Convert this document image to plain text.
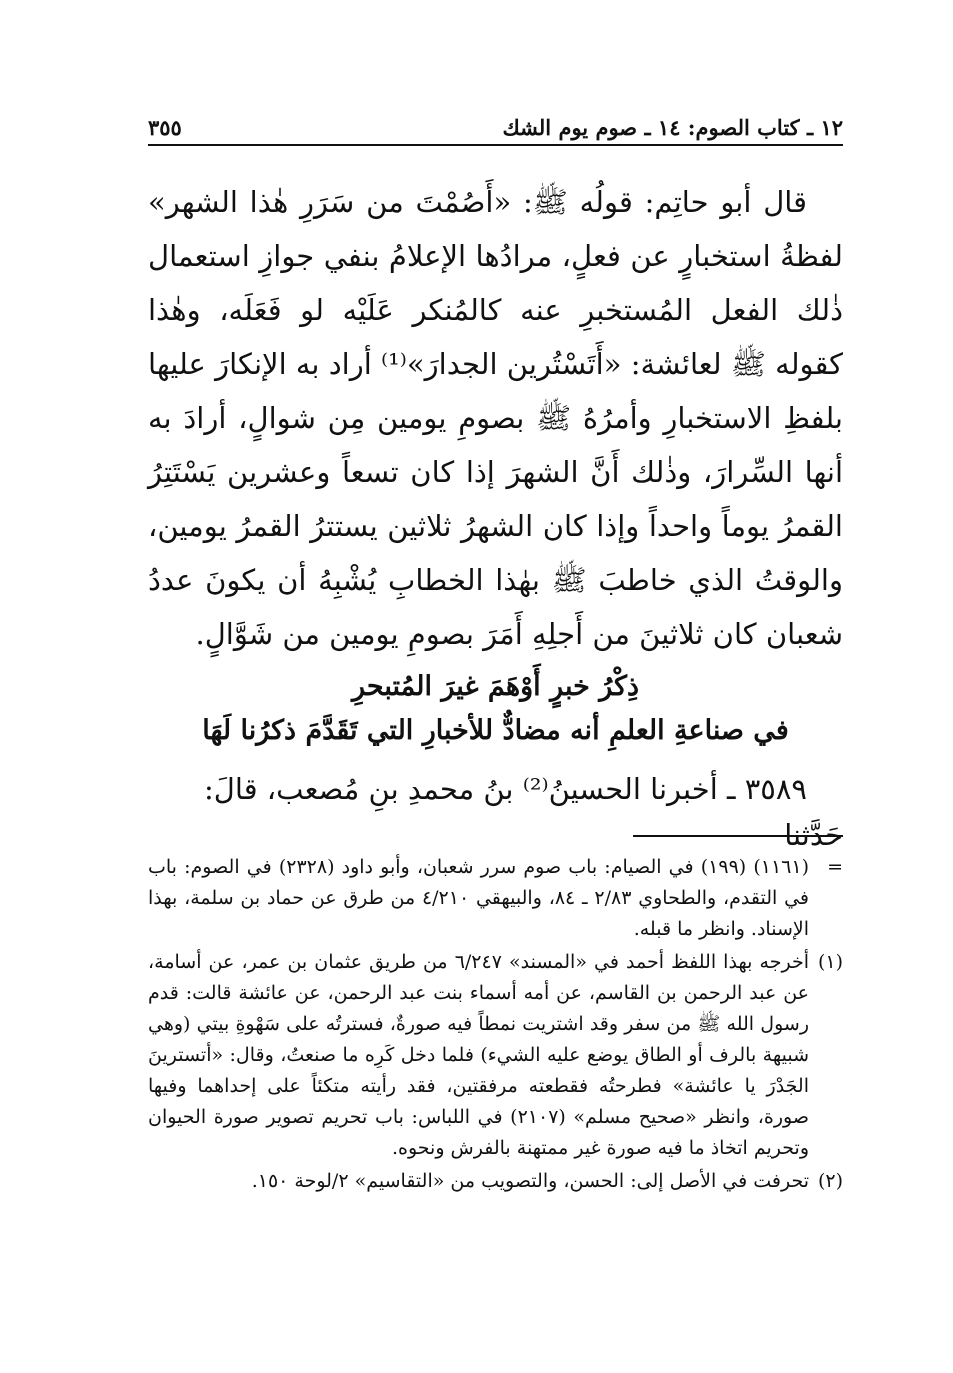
١٢ ـ كتاب الصوم: ١٤ ـ صوم يوم الشك
٣٥٥

قال أبو حاتِم: قولُه ﷺ: «أَصُمْتَ من سَرَرِ هٰذا الشهر» لفظةُ استخبارٍ عن فعلٍ، مرادُها الإعلامُ بنفي جوازِ استعمال ذٰلك الفعل المُستخبرِ عنه كالمُنكر عَلَيْه لو فَعَلَه، وهٰذا كقوله ﷺ لعائشة: «أَتَسْتُرين الجدارَ»⁽¹⁾ أراد به الإنكارَ عليها بلفظِ الاستخبارِ وأمرُهُ ﷺ بصومِ يومين مِن شوالٍ، أرادَ به أنها السِّرارَ، وذٰلك أَنَّ الشهرَ إذا كان تسعاً وعشرين يَسْتَتِرُ القمرُ يوماً واحداً وإذا كان الشهرُ ثلاثين يستترُ القمرُ يومين، والوقتُ الذي خاطبَ ﷺ بهٰذا الخطابِ يُشْبِهُ أن يكونَ عددُ شعبان كان ثلاثينَ من أَجلِهِ أَمَرَ بصومِ يومين من شَوَّالٍ.

ذِكْرُ خبرٍ أَوْهَمَ غيرَ المُتبحرِ
في صناعةِ العلمِ أنه مضادٌّ للأخبارِ التي تَقَدَّمَ ذكرُنا لَهَا
٣٥٨٩ ـ أخبرنا الحسينُ⁽²⁾ بنُ محمدِ بنِ مُصعب، قالَ: حَدَّثنا
=
(١١٦١) (١٩٩) في الصيام: باب صوم سرر شعبان، وأبو داود (٢٣٢٨) في الصوم: باب في التقدم، والطحاوي ٢/٨٣ ـ ٨٤، والبيهقي ٤/٢١٠ من طرق عن حماد بن سلمة، بهذا الإسناد. وانظر ما قبله.
(١)
أخرجه بهذا اللفظ أحمد في «المسند» ٦/٢٤٧ من طريق عثمان بن عمر، عن أسامة، عن عبد الرحمن بن القاسم، عن أمه أسماء بنت عبد الرحمن، عن عائشة قالت: قدم رسول الله ﷺ من سفر وقد اشتريت نمطاً فيه صورةٌ، فسترتُه على سَهْوةِ بيتي (وهي شبيهة بالرف أو الطاق يوضع عليه الشيء) فلما دخل كَرِه ما صنعتُ، وقال: «أتسترينَ الجَدْرَ يا عائشة» فطرحتُه فقطعته مرفقتين، فقد رأيته متكئاً على إحداهما وفيها صورة، وانظر «صحيح مسلم» (٢١٠٧) في اللباس: باب تحريم تصوير صورة الحيوان وتحريم اتخاذ ما فيه صورة غير ممتهنة بالفرش ونحوه.
(٢)
تحرفت في الأصل إلى: الحسن، والتصويب من «التقاسيم» ٢/لوحة ١٥٠.
